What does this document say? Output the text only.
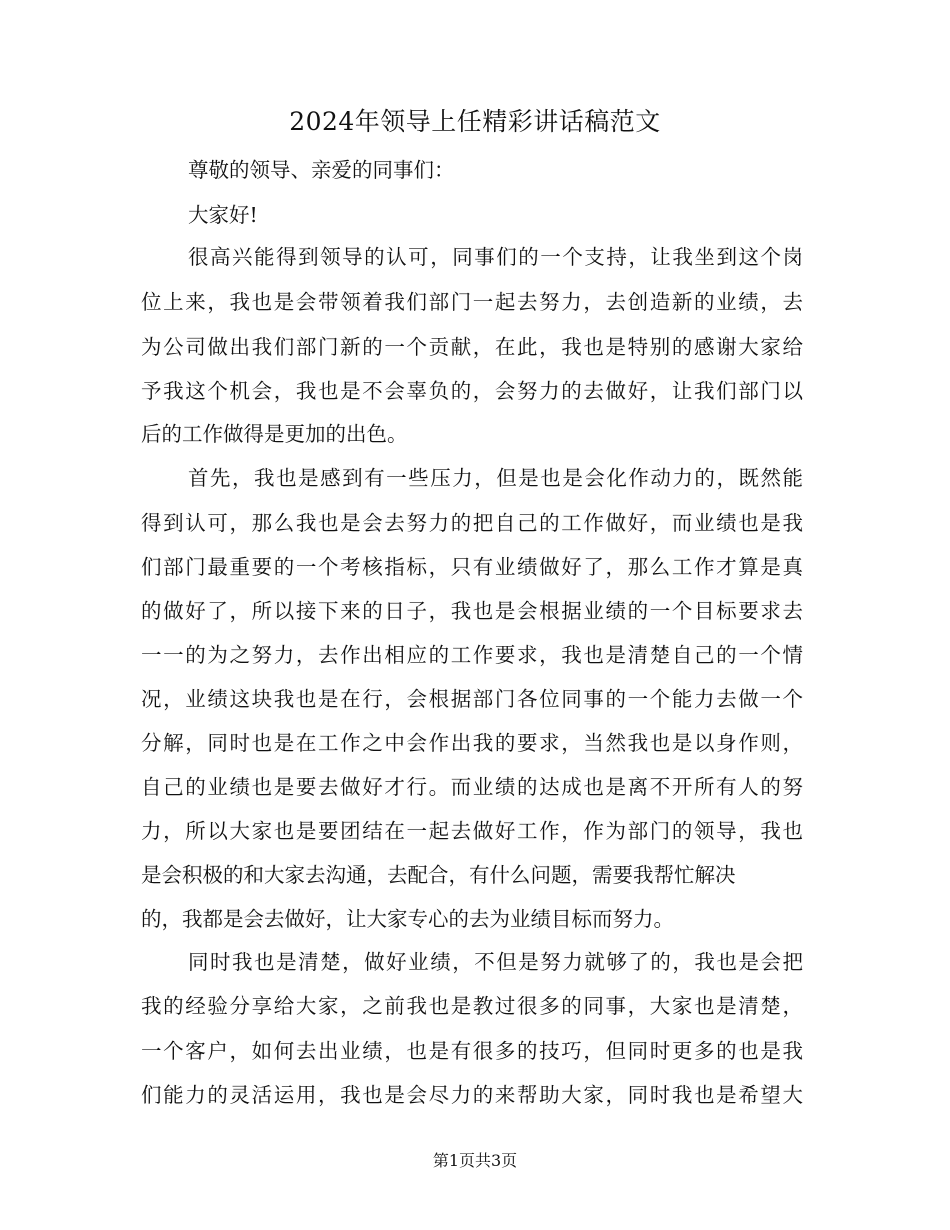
2024年领导上任精彩讲话稿范文
尊敬的领导、亲爱的同事们：
大家好!
很高兴能得到领导的认可，同事们的一个支持，让我坐到这个岗
位上来，我也是会带领着我们部门一起去努力，去创造新的业绩，去
为公司做出我们部门新的一个贡献，在此，我也是特别的感谢大家给
予我这个机会，我也是不会辜负的，会努力的去做好，让我们部门以
后的工作做得是更加的出色。
首先，我也是感到有一些压力，但是也是会化作动力的，既然能
得到认可，那么我也是会去努力的把自己的工作做好，而业绩也是我
们部门最重要的一个考核指标，只有业绩做好了，那么工作才算是真
的做好了，所以接下来的日子，我也是会根据业绩的一个目标要求去
一一的为之努力，去作出相应的工作要求，我也是清楚自己的一个情
况，业绩这块我也是在行，会根据部门各位同事的一个能力去做一个
分解，同时也是在工作之中会作出我的要求，当然我也是以身作则，
自己的业绩也是要去做好才行。而业绩的达成也是离不开所有人的努
力，所以大家也是要团结在一起去做好工作，作为部门的领导，我也
是会积极的和大家去沟通，去配合，有什么问题，需要我帮忙解决
的，我都是会去做好，让大家专心的去为业绩目标而努力。
同时我也是清楚，做好业绩，不但是努力就够了的，我也是会把
我的经验分享给大家，之前我也是教过很多的同事，大家也是清楚，
一个客户，如何去出业绩，也是有很多的技巧，但同时更多的也是我
们能力的灵活运用，我也是会尽力的来帮助大家，同时我也是希望大
第1页共3页
